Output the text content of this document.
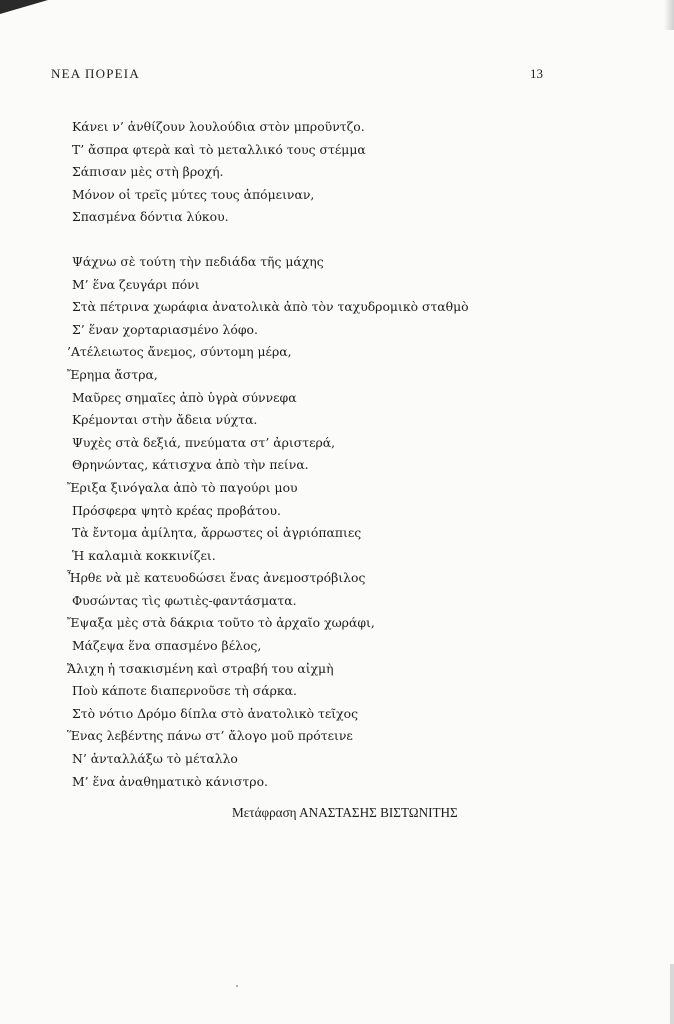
ΝΕΑ ΠΟΡΕΙΑ	13
Κάνει ν’ ἀνθίζουν λουλούδια στὸν μπροῦντζο.
Τ’ ἄσπρα φτερὰ καὶ τὸ μεταλλικό τους στέμμα
Σάπισαν μὲς στὴ βροχή.
Μόνον οἱ τρεῖς μύτες τους ἀπόμειναν,
Σπασμένα δόντια λύκου.
Ψάχνω σὲ τούτη τὴν πεδιάδα τῆς μάχης
Μ’ ἕνα ζευγάρι πόνι
Στὰ πέτρινα χωράφια ἀνατολικὰ ἀπὸ τὸν ταχυδρομικὸ σταθμὸ
Σ’ ἕναν χορταριασμένο λόφο.
’Ατέλειωτος ἄνεμος, σύντομη μέρα,
Ἔρημα ἄστρα,
Μαῦρες σημαῖες ἀπὸ ὑγρὰ σύννεφα
Κρέμονται στὴν ἄδεια νύχτα.
Ψυχὲς στὰ δεξιά, πνεύματα στ’ ἀριστερά,
Θρηνώντας, κάτισχνα ἀπὸ τὴν πείνα.
Ἔριξα ξινόγαλα ἀπὸ τὸ παγούρι μου
Πρόσφερα ψητὸ κρέας προβάτου.
Τὰ ἔντομα ἀμίλητα, ἄρρωστες οἱ ἀγριόπαπιες
Ἡ καλαμιὰ κοκκινίζει.
Ἦρθε νὰ μὲ κατευοδώσει ἕνας ἀνεμοστρόβιλος
Φυσώντας τὶς φωτιὲς-φαντάσματα.
Ἔψαξα μὲς στὰ δάκρια τοῦτο τὸ ἀρχαῖο χωράφι,
Μάζεψα ἕνα σπασμένο βέλος,
Ἄλιχη ἡ τσακισμένη καὶ στραβή του αἰχμὴ
Ποὺ κάποτε διαπερνοῦσε τὴ σάρκα.
Στὸ νότιο Δρόμο δίπλα στὸ ἀνατολικὸ τεῖχος
Ἕνας λεβέντης πάνω στ’ ἄλογο μοῦ πρότεινε
Ν’ ἀνταλλάξω τὸ μέταλλο
Μ’ ἕνα ἀναθηματικὸ κάνιστρο.
Μετάφραση ΑΝΑΣΤΑΣΗΣ ΒΙΣΤΩΝΙΤΗΣ
